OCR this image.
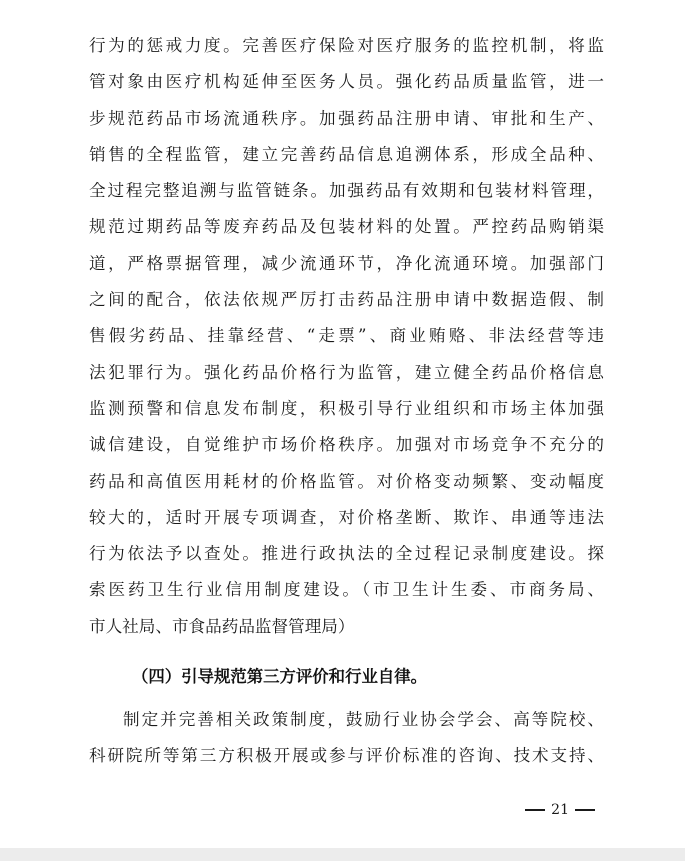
行为的惩戒力度。完善医疗保险对医疗服务的监控机制，将监
管对象由医疗机构延伸至医务人员。强化药品质量监管，进一
步规范药品市场流通秩序。加强药品注册申请、审批和生产、
销售的全程监管，建立完善药品信息追溯体系，形成全品种、
全过程完整追溯与监管链条。加强药品有效期和包装材料管理，
规范过期药品等废弃药品及包装材料的处置。严控药品购销渠
道，严格票据管理，减少流通环节，净化流通环境。加强部门
之间的配合，依法依规严厉打击药品注册申请中数据造假、制
售假劣药品、挂靠经营、“走票”、商业贿赂、非法经营等违
法犯罪行为。强化药品价格行为监管，建立健全药品价格信息
监测预警和信息发布制度，积极引导行业组织和市场主体加强
诚信建设，自觉维护市场价格秩序。加强对市场竞争不充分的
药品和高值医用耗材的价格监管。对价格变动频繁、变动幅度
较大的，适时开展专项调查，对价格垄断、欺诈、串通等违法
行为依法予以查处。推进行政执法的全过程记录制度建设。探
索医药卫生行业信用制度建设。（市卫生计生委、市商务局、
市人社局、市食品药品监督管理局）
（四）引导规范第三方评价和行业自律。
制定并完善相关政策制度，鼓励行业协会学会、高等院校、
科研院所等第三方积极开展或参与评价标准的咨询、技术支持、
21
